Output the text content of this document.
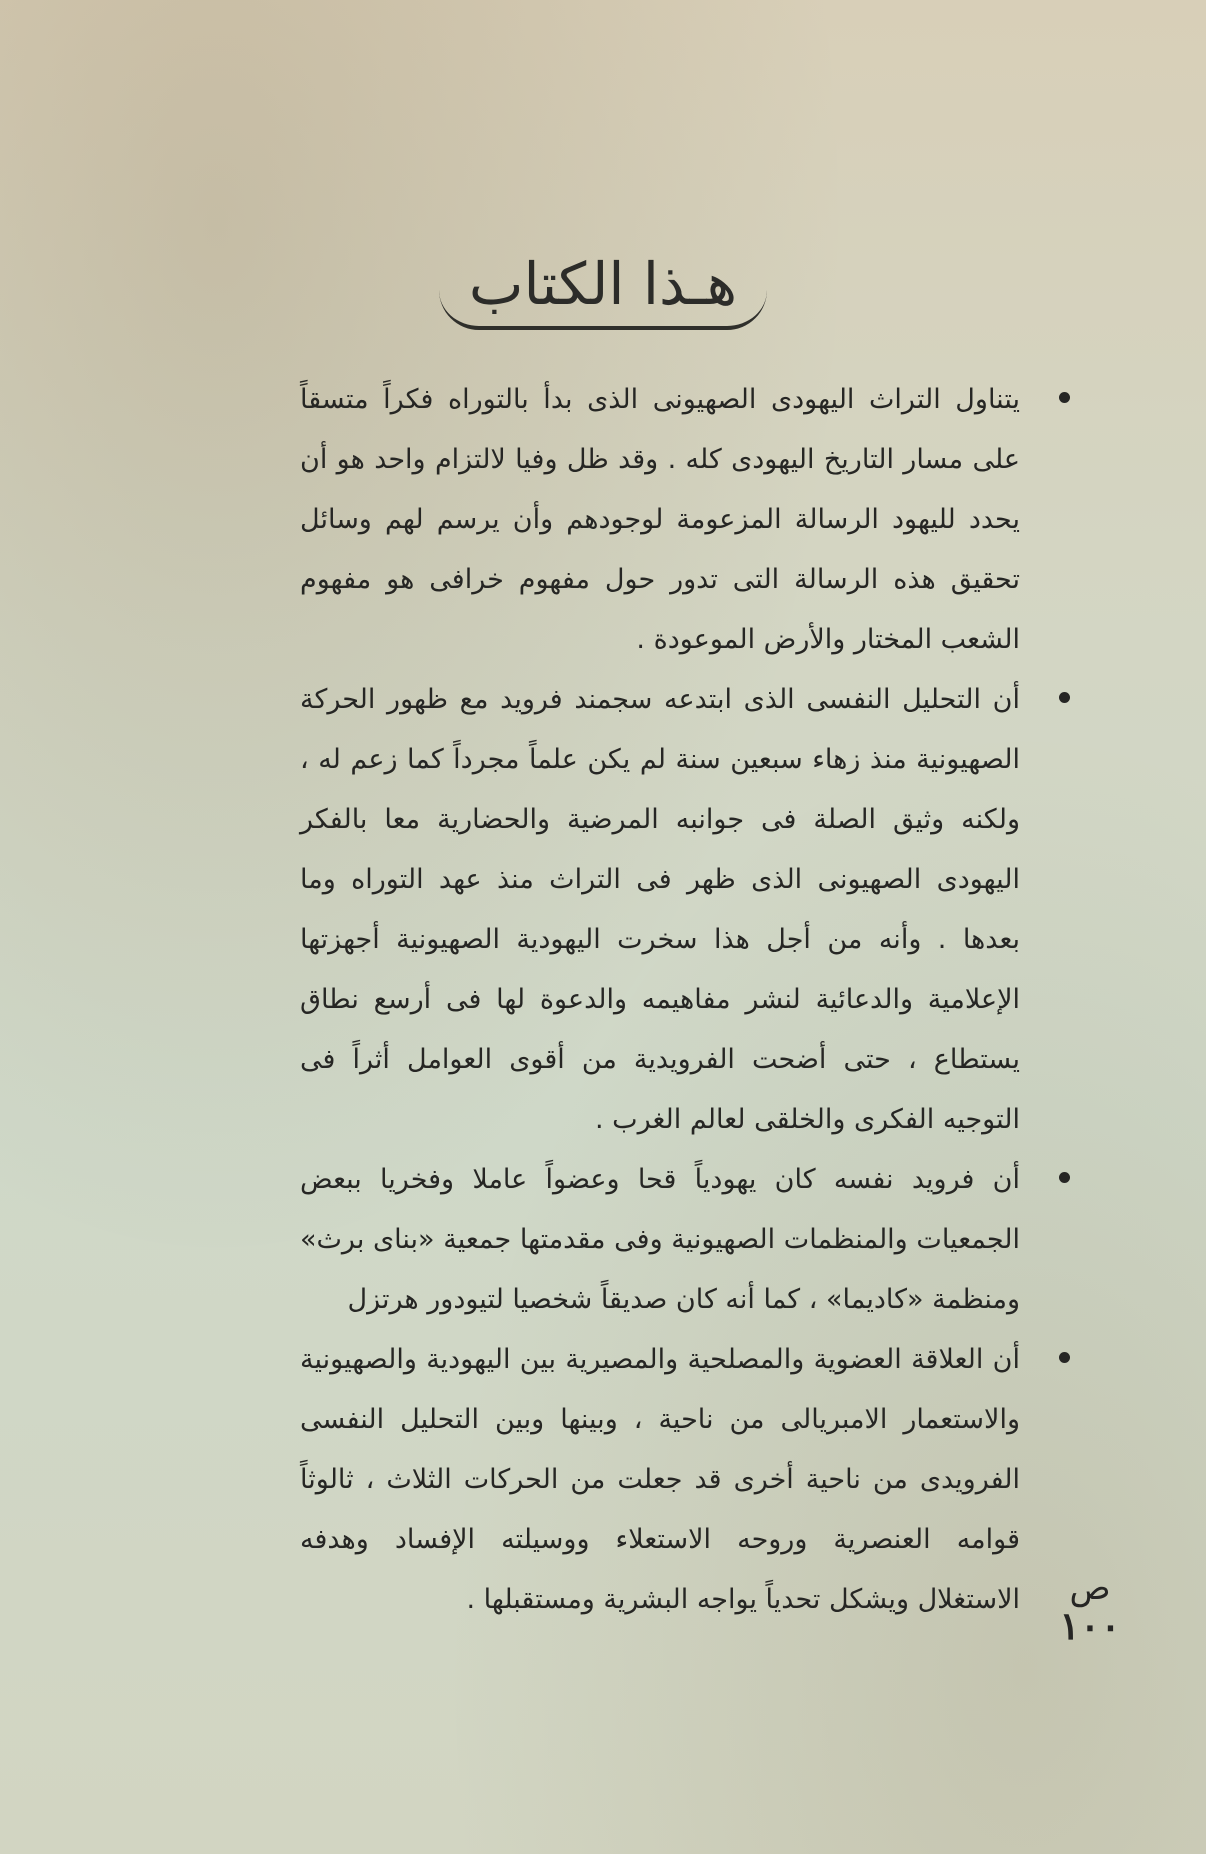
هـذا الكتاب

يتناول التراث اليهودى الصهيونى الذى بدأ بالتوراه فكراً متسقاً على مسار التاريخ اليهودى كله . وقد ظل وفيا لالتزام واحد هو أن يحدد لليهود الرسالة المزعومة لوجودهم وأن يرسم لهم وسائل تحقيق هذه الرسالة التى تدور حول مفهوم خرافى هو مفهوم الشعب المختار والأرض الموعودة .

أن التحليل النفسى الذى ابتدعه سجمند فرويد مع ظهور الحركة الصهيونية منذ زهاء سبعين سنة لم يكن علماً مجرداً كما زعم له ، ولكنه وثيق الصلة فى جوانبه المرضية والحضارية معا بالفكر اليهودى الصهيونى الذى ظهر فى التراث منذ عهد التوراه وما بعدها . وأنه من أجل هذا سخرت اليهودية الصهيونية أجهزتها الإعلامية والدعائية لنشر مفاهيمه والدعوة لها فى أرسع نطاق يستطاع ، حتى أضحت الفرويدية من أقوى العوامل أثراً فى التوجيه الفكرى والخلقى لعالم الغرب .

أن فرويد نفسه كان يهودياً قحا وعضواً عاملا وفخريا ببعض الجمعيات والمنظمات الصهيونية وفى مقدمتها جمعية «بناى برث» ومنظمة «كاديما» ، كما أنه كان صديقاً شخصيا لتيودور هرتزل

أن العلاقة العضوية والمصلحية والمصيرية بين اليهودية والصهيونية والاستعمار الامبريالى من ناحية ، وبينها وبين التحليل النفسى الفرويدى من ناحية أخرى قد جعلت من الحركات الثلاث ، ثالوثاً قوامه العنصرية وروحه الاستعلاء ووسيلته الإفساد وهدفه الاستغلال ويشكل تحدياً يواجه البشرية ومستقبلها .	ص
١٠٠
